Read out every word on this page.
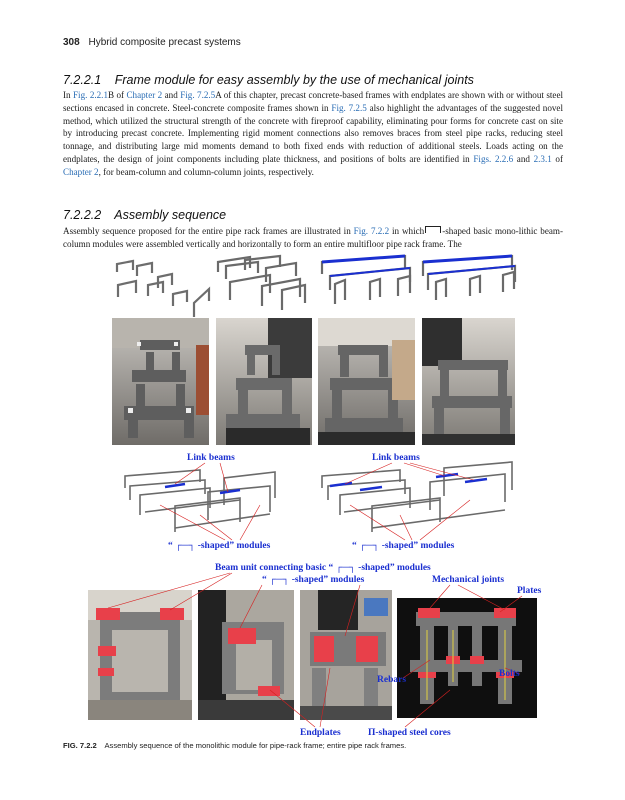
308 Hybrid composite precast systems
7.2.2.1 Frame module for easy assembly by the use of mechanical joints
In Fig. 2.2.1B of Chapter 2 and Fig. 7.2.5A of this chapter, precast concrete-based frames with endplates are shown with or without steel sections encased in concrete. Steel-concrete composite frames shown in Fig. 7.2.5 also highlight the advantages of the suggested novel method, which utilized the structural strength of the concrete with fireproof capability, eliminating pour forms for concrete cast on site by introducing precast concrete. Implementing rigid moment connections also removes braces from steel pipe racks, reducing steel tonnage, and distributing large mid moments demand to both fixed ends with reduction of additional steels. Loads acting on the endplates, the design of joint components including plate thickness, and positions of bolts are identified in Figs. 2.2.6 and 2.3.1 of Chapter 2, for beam-column and column-column joints, respectively.
7.2.2.2 Assembly sequence
Assembly sequence proposed for the entire pipe rack frames are illustrated in Fig. 7.2.2 in which -shaped basic mono-lithic beam-column modules were assembled vertically and horizontally to form an entire multifloor pipe rack frame. The
Link beams	Link beams
“ ┌─┐ -shaped” modules	“ ┌─┐ -shaped” modules
Beam unit connecting basic “ ┌─┐ -shaped” modules
“ ┌─┐ -shaped” modules	Mechanical joints
Plates
Rebars
Bolts
Endplates	Π-shaped steel cores
FIG. 7.2.2 Assembly sequence of the monolithic module for pipe-rack frame; entire pipe rack frames.
